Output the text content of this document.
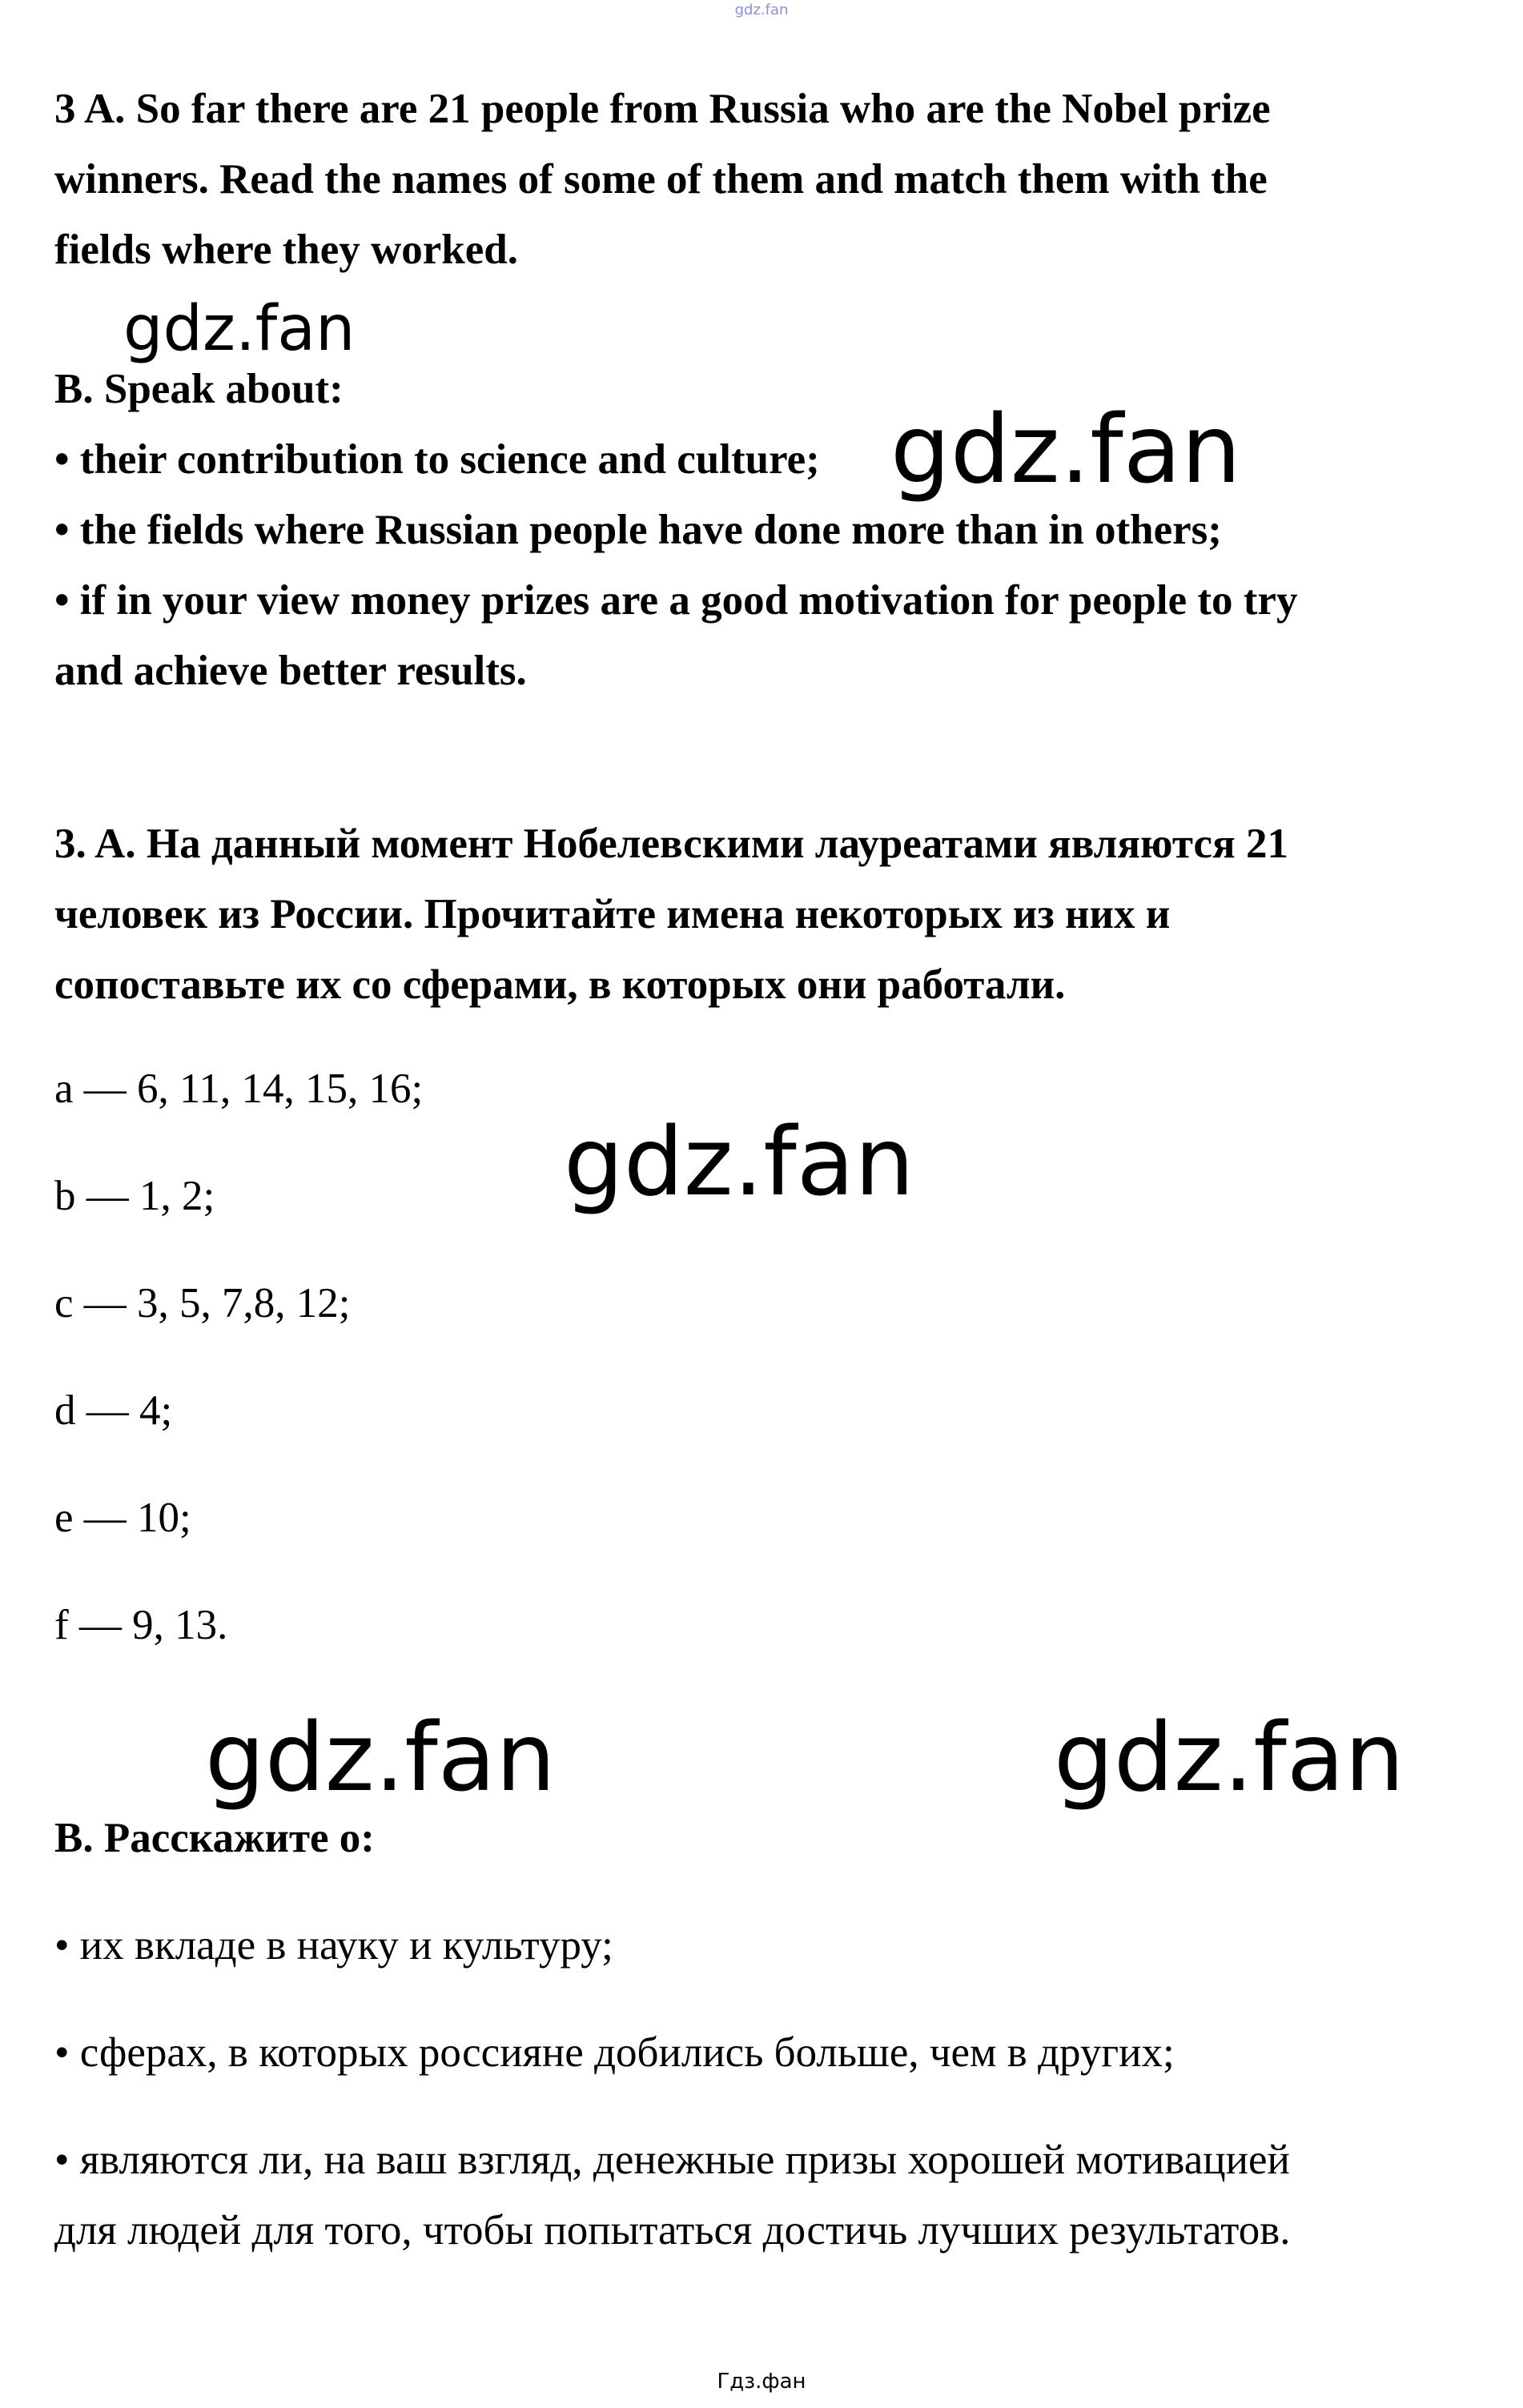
gdz.fan

3 A. So far there are 21 people from Russia who are the Nobel prize

winners. Read the names of some of them and match them with the

fields where they worked.

B. Speak about:

• their contribution to science and culture;

• the fields where Russian people have done more than in others;

• if in your view money prizes are a good motivation for people to try

and achieve better results.

3. A. На данный момент Нобелевскими лауреатами являются 21

человек из России. Прочитайте имена некоторых из них и

сопоставьте их со сферами, в которых они работали.

a — 6, 11, 14, 15, 16;

b — 1, 2;

c — 3, 5, 7,8, 12;

d — 4;

e — 10;

f — 9, 13.

B. Расскажите о:

• их вкладе в науку и культуру;

• сферах, в которых россияне добились больше, чем в других;

• являются ли, на ваш взгляд, денежные призы хорошей мотивацией

для людей для того, чтобы попытаться достичь лучших результатов.

gdz.fan
gdz.fan
gdz.fan
gdz.fan	gdz.fan
Гдз.фан
